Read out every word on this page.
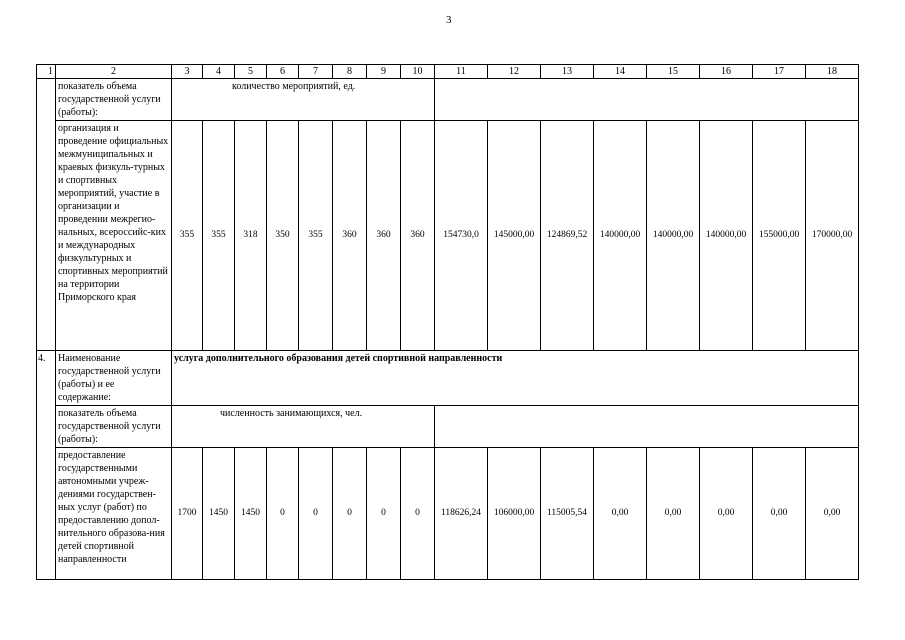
3
1	2	3	4	5	6	7	8	9	10	11	12	13	14	15	16	17	18
	показатель объема государственной услуги (работы):	количество мероприятий, ед.															
	организация и проведение официальных межмуниципальных и краевых физкуль-турных и спортивных мероприятий, участие в организации и проведении межрегио-нальных, всероссийс-ких и международных физкультурных и спортивных мероприятий на территории Приморского края	355	355	318	350	355	360	360	360	154730,0	145000,00	124869,52	140000,00	140000,00	140000,00	155000,00	170000,00
4.	Наименование государственной услуги (работы) и ее содержание:	услуга дополнительного образования детей спортивной направленности															
	показатель объема государственной услуги (работы):	численность занимающихся, чел.															
	предоставление государственными автономными учреж-дениями государствен-ных услуг (работ) по предоставлению допол-нительного образова-ния детей спортивной направленности	1700	1450	1450	0	0	0	0	0	118626,24	106000,00	115005,54	0,00	0,00	0,00	0,00	0,00
